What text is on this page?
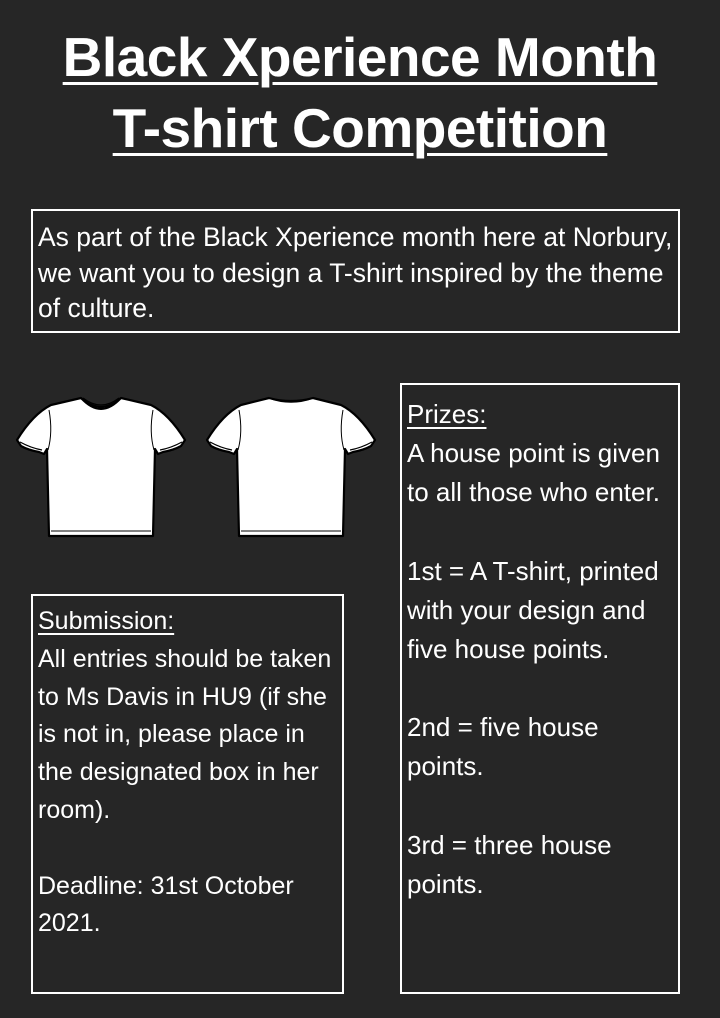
Black Xperience Month
T-shirt Competition
As part of the Black Xperience month here at Norbury, we want you to design a T-shirt inspired by the theme of culture.
Prizes:
A house point is given to all those who enter.
1st = A T-shirt, printed with your design and five house points.
2nd = five house points.
3rd = three house points.
Submission:
All entries should be taken to Ms Davis in HU9 (if she is not in, please place in the designated box in her room).
Deadline: 31st October 2021.
